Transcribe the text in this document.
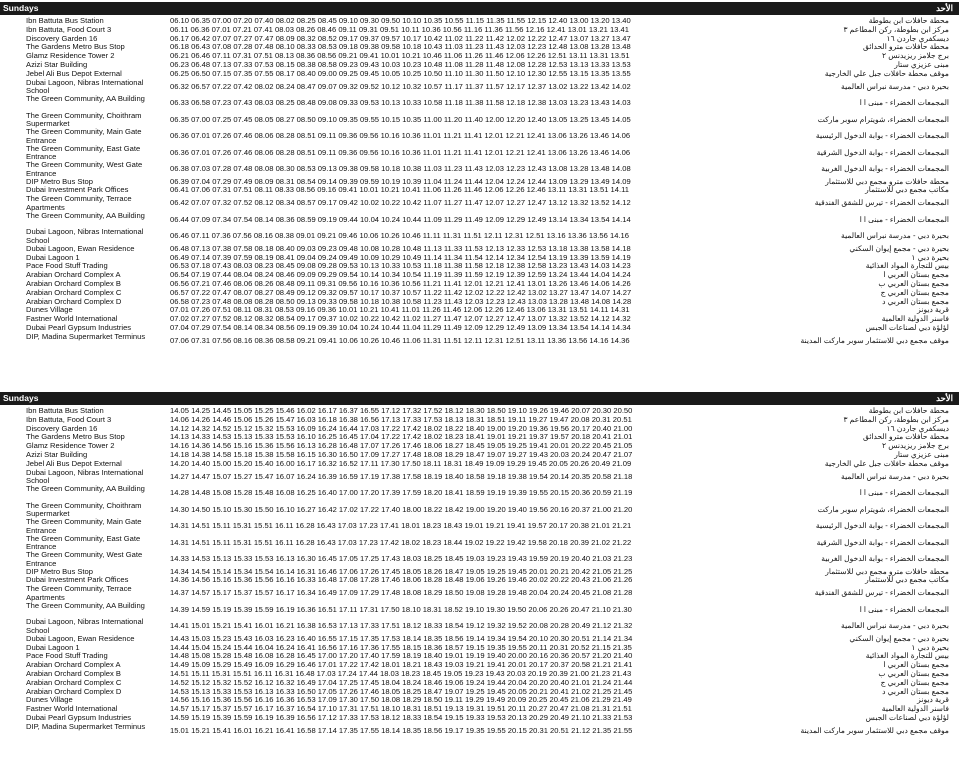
Sundays	الأحد
Ibn Battuta Bus Station	06.10 06.35 07.00 07.20 07.40 08.02 08.25 08.45 09.10 09.30 09.50 10.10 10.35 10.55 11.15 11.35 11.55 12.15 12.40 13.00 13.20 13.40	محطة حافلات ابن بطوطة
Ibn Battuta, Food Court 3	06.11 06.36 07.01 07.21 07.41 08.03 08.26 08.46 09.11 09.31 09.51 10.11 10.36 10.56 11.16 11.36 11.56 12.16 12.41 13.01 13.21 13.41	مركز ابن بطوطة، ركن المطاعم ٣
Discovery Garden 16	06.17 06.42 07.07 07.27 07.47 08.09 08.32 08.52 09.17 09.37 09.57 10.17 10.42 11.02 11.22 11.42 12.02 12.22 12.47 13.07 13.27 13.47	ديسكفري جاردن ١٦
The Gardens Metro Bus Stop	06.18 06.43 07.08 07.28 07.48 08.10 08.33 08.53 09.18 09.38 09.58 10.18 10.43 11.03 11.23 11.43 12.03 12.23 12.48 13.08 13.28 13.48	محطة حافلات مترو الحدائق
Glamz Residence Tower 2	06.21 06.46 07.11 07.31 07.51 08.13 08.36 08.56 09.21 09.41 10.01 10.21 10.46 11.06 11.26 11.46 12.06 12.26 12.51 13.11 13.31 13.51	برج جلامز ريزيدنس ٢
Azizi Star Building	06.23 06.48 07.13 07.33 07.53 08.15 08.38 08.58 09.23 09.43 10.03 10.23 10.48 11.08 11.28 11.48 12.08 12.28 12.53 13.13 13.33 13.53	مبنى عزيزي ستار
Jebel Ali Bus Depot External	06.25 06.50 07.15 07.35 07.55 08.17 08.40 09.00 09.25 09.45 10.05 10.25 10.50 11.10 11.30 11.50 12.10 12.30 12.55 13.15 13.35 13.55	موقف محطة حافلات جبل علي الخارجية
Dubai Lagoon, Nibras International School	06.32 06.57 07.22 07.42 08.02 08.24 08.47 09.07 09.32 09.52 10.12 10.32 10.57 11.17 11.37 11.57 12.17 12.37 13.02 13.22 13.42 14.02	بحيرة دبي - مدرسة نبراس العالمية
The Green Community, AA Building	06.33 06.58 07.23 07.43 08.03 08.25 08.48 09.08 09.33 09.53 10.13 10.33 10.58 11.18 11.38 11.58 12.18 12.38 13.03 13.23 13.43 14.03	المجمعات الخضراء - مبنى أ أ
The Green Community, Choithram Supermarket	06.35 07.00 07.25 07.45 08.05 08.27 08.50 09.10 09.35 09.55 10.15 10.35 11.00 11.20 11.40 12.00 12.20 12.40 13.05 13.25 13.45 14.05	المجمعات الخضراء، شويترام سوبر ماركت
The Green Community, Main Gate Entrance	06.36 07.01 07.26 07.46 08.06 08.28 08.51 09.11 09.36 09.56 10.16 10.36 11.01 11.21 11.41 12.01 12.21 12.41 13.06 13.26 13.46 14.06	المجمعات الخضراء - بوابة الدخول الرئيسية
The Green Community, East Gate Entrance	06.36 07.01 07.26 07.46 08.06 08.28 08.51 09.11 09.36 09.56 10.16 10.36 11.01 11.21 11.41 12.01 12.21 12.41 13.06 13.26 13.46 14.06	المجمعات الخضراء - بوابة الدخول الشرقية
The Green Community, West Gate Entrance	06.38 07.03 07.28 07.48 08.08 08.30 08.53 09.13 09.38 09.58 10.18 10.38 11.03 11.23 11.43 12.03 12.23 12.43 13.08 13.28 13.48 14.08	المجمعات الخضراء - بوابة الدخول الغربية
DIP Metro Bus Stop	06.39 07.04 07.29 07.49 08.09 08.31 08.54 09.14 09.39 09.59 10.19 10.39 11.04 11.24 11.44 12.04 12.24 12.44 13.09 13.29 13.49 14.09	محطة حافلات مترو مجمع دبي للاستثمار
Dubai Investment Park Offices	06.41 07.06 07.31 07.51 08.11 08.33 08.56 09.16 09.41 10.01 10.21 10.41 11.06 11.26 11.46 12.06 12.26 12.46 13.11 13.31 13.51 14.11	مكاتب مجمع دبي للاستثمار
The Green Community, Terrace Apartments	06.42 07.07 07.32 07.52 08.12 08.34 08.57 09.17 09.42 10.02 10.22 10.42 11.07 11.27 11.47 12.07 12.27 12.47 13.12 13.32 13.52 14.12	المجمعات الخضراء - تيرس للشقق الفندقية
The Green Community, AA Building	06.44 07.09 07.34 07.54 08.14 08.36 08.59 09.19 09.44 10.04 10.24 10.44 11.09 11.29 11.49 12.09 12.29 12.49 13.14 13.34 13.54 14.14	المجمعات الخضراء - مبنى أ أ
Dubai Lagoon, Nibras International School	06.46 07.11 07.36 07.56 08.16 08.38 09.01 09.21 09.46 10.06 10.26 10.46 11.11 11.31 11.51 12.11 12.31 12.51 13.16 13.36 13.56 14.16	بحيرة دبي - مدرسة نبراس العالمية
Dubai Lagoon, Ewan Residence	06.48 07.13 07.38 07.58 08.18 08.40 09.03 09.23 09.48 10.08 10.28 10.48 11.13 11.33 11.53 12.13 12.33 12.53 13.18 13.38 13.58 14.18	بحيرة دبي - مجمع إيوان السكني
Dubai Lagoon 1	06.49 07.14 07.39 07.59 08.19 08.41 09.04 09.24 09.49 10.09 10.29 10.49 11.14 11.34 11.54 12.14 12.34 12.54 13.19 13.39 13.59 14.19	بحيرة دبي ١
Pace Food Stuff Trading	06.53 07.18 07.43 08.03 08.23 08.45 09.08 09.28 09.53 10.13 10.33 10.53 11.18 11.38 11.58 12.18 12.38 12.58 13.23 13.43 14.03 14.23	بيس للتجارة المواد الغذائية
Arabian Orchard Complex A	06.54 07.19 07.44 08.04 08.24 08.46 09.09 09.29 09.54 10.14 10.34 10.54 11.19 11.39 11.59 12.19 12.39 12.59 13.24 13.44 14.04 14.24	مجمع بستان العربي أ
Arabian Orchard Complex B	06.56 07.21 07.46 08.06 08.26 08.48 09.11 09.31 09.56 10.16 10.36 10.56 11.21 11.41 12.01 12.21 12.41 13.01 13.26 13.46 14.06 14.26	مجمع بستان العربي ب
Arabian Orchard Complex C	06.57 07.22 07.47 08.07 08.27 08.49 09.12 09.32 09.57 10.17 10.37 10.57 11.22 11.42 12.02 12.22 12.42 13.02 13.27 13.47 14.07 14.27	مجمع بستان العربي ج
Arabian Orchard Complex D	06.58 07.23 07.48 08.08 08.28 08.50 09.13 09.33 09.58 10.18 10.38 10.58 11.23 11.43 12.03 12.23 12.43 13.03 13.28 13.48 14.08 14.28	مجمع بستان العربي د
Dunes Village	07.01 07.26 07.51 08.11 08.31 08.53 09.16 09.36 10.01 10.21 10.41 11.01 11.26 11.46 12.06 12.26 12.46 13.06 13.31 13.51 14.11 14.31	قرية ديونز
Fastner World International	07.02 07.27 07.52 08.12 08.32 08.54 09.17 09.37 10.02 10.22 10.42 11.02 11.27 11.47 12.07 12.27 12.47 13.07 13.32 13.52 14.12 14.32	فاسنر الدولية العالمية
Dubai Pearl Gypsum Industries	07.04 07.29 07.54 08.14 08.34 08.56 09.19 09.39 10.04 10.24 10.44 11.04 11.29 11.49 12.09 12.29 12.49 13.09 13.34 13.54 14.14 14.34	لؤلؤة دبي لصناعات الجبس
DIP, Madina Supermarket Terminus	07.06 07.31 07.56 08.16 08.36 08.58 09.21 09.41 10.06 10.26 10.46 11.06 11.31 11.51 12.11 12.31 12.51 13.11 13.36 13.56 14.16 14.36	موقف مجمع دبي للاستثمار سوبر ماركت المدينة
Sundays	الأحد
Ibn Battuta Bus Station	14.05 14.25 14.45 15.05 15.25 15.46 16.02 16.17 16.37 16.55 17.12 17.32 17.52 18.12 18.30 18.50 19.10 19.26 19.46 20.07 20.30 20.50	محطة حافلات ابن بطوطة
Ibn Battuta, Food Court 3	14.06 14.26 14.46 15.06 15.26 15.47 16.03 16.18 16.38 16.56 17.13 17.33 17.53 18.13 18.31 18.51 19.11 19.27 19.47 20.08 20.31 20.51	مركز ابن بطوطة، ركن المطاعم ٣
Discovery Garden 16	14.12 14.32 14.52 15.12 15.32 15.53 16.09 16.24 16.44 17.03 17.22 17.42 18.02 18.22 18.40 19.00 19.20 19.36 19.56 20.17 20.40 21.00	ديسكفري جاردن ١٦
The Gardens Metro Bus Stop	14.13 14.33 14.53 15.13 15.33 15.53 16.10 16.25 16.45 17.04 17.22 17.42 18.02 18.23 18.41 19.01 19.21 19.37 19.57 20.18 20.41 21.01	محطة حافلات مترو الحدائق
Glamz Residence Tower 2	14.16 14.36 14.56 15.16 15.36 15.56 16.13 16.28 16.48 17.07 17.26 17.46 18.06 18.27 18.45 19.05 19.25 19.41 20.01 20.22 20.45 21.05	برج جلامز ريزيدنس ٢
Azizi Star Building	14.18 14.38 14.58 15.18 15.38 15.58 16.15 16.30 16.50 17.09 17.27 17.48 18.08 18.29 18.47 19.07 19.27 19.43 20.03 20.24 20.47 21.07	مبنى عزيزي ستار
Jebel Ali Bus Depot External	14.20 14.40 15.00 15.20 15.40 16.00 16.17 16.32 16.52 17.11 17.30 17.50 18.11 18.31 18.49 19.09 19.29 19.45 20.05 20.26 20.49 21.09	موقف محطة حافلات جبل علي الخارجية
Dubai Lagoon, Nibras International School	14.27 14.47 15.07 15.27 15.47 16.07 16.24 16.39 16.59 17.19 17.38 17.58 18.19 18.40 18.58 19.18 19.38 19.54 20.14 20.35 20.58 21.18	بحيرة دبي - مدرسة نبراس العالمية
The Green Community, AA Building	14.28 14.48 15.08 15.28 15.48 16.08 16.25 16.40 17.00 17.20 17.39 17.59 18.20 18.41 18.59 19.19 19.39 19.55 20.15 20.36 20.59 21.19	المجمعات الخضراء - مبنى أ أ
The Green Community, Choithram Supermarket	14.30 14.50 15.10 15.30 15.50 16.10 16.27 16.42 17.02 17.22 17.40 18.00 18.22 18.42 19.00 19.20 19.40 19.56 20.16 20.37 21.00 21.20	المجمعات الخضراء، شويترام سوبر ماركت
The Green Community, Main Gate Entrance	14.31 14.51 15.11 15.31 15.51 16.11 16.28 16.43 17.03 17.23 17.41 18.01 18.23 18.43 19.01 19.21 19.41 19.57 20.17 20.38 21.01 21.21	المجمعات الخضراء - بوابة الدخول الرئيسية
The Green Community, East Gate Entrance	14.31 14.51 15.11 15.31 15.51 16.11 16.28 16.43 17.03 17.23 17.42 18.02 18.23 18.44 19.02 19.22 19.42 19.58 20.18 20.39 21.02 21.22	المجمعات الخضراء - بوابة الدخول الشرقية
The Green Community, West Gate Entrance	14.33 14.53 15.13 15.33 15.53 16.13 16.30 16.45 17.05 17.25 17.43 18.03 18.25 18.45 19.03 19.23 19.43 19.59 20.19 20.40 21.03 21.23	المجمعات الخضراء - بوابة الدخول الغربية
DIP Metro Bus Stop	14.34 14.54 15.14 15.34 15.54 16.14 16.31 16.46 17.06 17.26 17.45 18.05 18.26 18.47 19.05 19.25 19.45 20.01 20.21 20.42 21.05 21.25	محطة حافلات مترو مجمع دبي للاستثمار
Dubai Investment Park Offices	14.36 14.56 15.16 15.36 15.56 16.16 16.33 16.48 17.08 17.28 17.46 18.06 18.28 18.48 19.06 19.26 19.46 20.02 20.22 20.43 21.06 21.26	مكاتب مجمع دبي للاستثمار
The Green Community, Terrace Apartments	14.37 14.57 15.17 15.37 15.57 16.17 16.34 16.49 17.09 17.29 17.48 18.08 18.29 18.50 19.08 19.28 19.48 20.04 20.24 20.45 21.08 21.28	المجمعات الخضراء - تيرس للشقق الفندقية
The Green Community, AA Building	14.39 14.59 15.19 15.39 15.59 16.19 16.36 16.51 17.11 17.31 17.50 18.10 18.31 18.52 19.10 19.30 19.50 20.06 20.26 20.47 21.10 21.30	المجمعات الخضراء - مبنى أ أ
Dubai Lagoon, Nibras International School	14.41 15.01 15.21 15.41 16.01 16.21 16.38 16.53 17.13 17.33 17.51 18.12 18.33 18.54 19.12 19.32 19.52 20.08 20.28 20.49 21.12 21.32	بحيرة دبي - مدرسة نبراس العالمية
Dubai Lagoon, Ewan Residence	14.43 15.03 15.23 15.43 16.03 16.23 16.40 16.55 17.15 17.35 17.53 18.14 18.35 18.56 19.14 19.34 19.54 20.10 20.30 20.51 21.14 21.34	بحيرة دبي - مجمع إيوان السكني
Dubai Lagoon 1	14.44 15.04 15.24 15.44 16.04 16.24 16.41 16.56 17.16 17.36 17.55 18.15 18.36 18.57 19.15 19.35 19.55 20.11 20.31 20.52 21.15 21.35	بحيرة دبي ١
Pace Food Stuff Trading	14.48 15.08 15.28 15.48 16.08 16.28 16.45 17.00 17.20 17.40 17.59 18.19 18.40 19.01 19.19 19.40 20.00 20.16 20.36 20.57 21.20 21.40	بيس للتجارة المواد الغذائية
Arabian Orchard Complex A	14.49 15.09 15.29 15.49 16.09 16.29 16.46 17.01 17.22 17.42 18.01 18.21 18.43 19.03 19.21 19.41 20.01 20.17 20.37 20.58 21.21 21.41	مجمع بستان العربي أ
Arabian Orchard Complex B	14.51 15.11 15.31 15.51 16.11 16.31 16.48 17.03 17.24 17.44 18.03 18.23 18.45 19.05 19.23 19.43 20.03 20.19 20.39 21.00 21.23 21.43	مجمع بستان العربي ب
Arabian Orchard Complex C	14.52 15.12 15.32 15.52 16.12 16.32 16.49 17.04 17.25 17.45 18.04 18.24 18.46 19.06 19.24 19.44 20.04 20.20 20.40 21.01 21.24 21.44	مجمع بستان العربي ج
Arabian Orchard Complex D	14.53 15.13 15.33 15.53 16.13 16.33 16.50 17.05 17.26 17.46 18.05 18.25 18.47 19.07 19.25 19.45 20.05 20.21 20.41 21.02 21.25 21.45	مجمع بستان العربي د
Dunes Village	14.56 15.16 15.36 15.56 16.16 16.36 16.53 17.09 17.30 17.50 18.08 18.29 18.50 19.11 19.29 19.49 20.09 20.25 20.45 21.06 21.29 21.49	قرية ديونز
Fastner World International	14.57 15.17 15.37 15.57 16.17 16.37 16.54 17.10 17.31 17.51 18.10 18.31 18.51 19.13 19.31 19.51 20.11 20.27 20.47 21.08 21.31 21.51	فاسنر الدولية العالمية
Dubai Pearl Gypsum Industries	14.59 15.19 15.39 15.59 16.19 16.39 16.56 17.12 17.33 17.53 18.12 18.33 18.54 19.15 19.33 19.53 20.13 20.29 20.49 21.10 21.33 21.53	لؤلؤة دبي لصناعات الجبس
DIP, Madina Supermarket Terminus	15.01 15.21 15.41 16.01 16.21 16.41 16.58 17.14 17.35 17.55 18.14 18.35 18.56 19.17 19.35 19.55 20.15 20.31 20.51 21.12 21.35 21.55	موقف مجمع دبي للاستثمار سوبر ماركت المدينة
